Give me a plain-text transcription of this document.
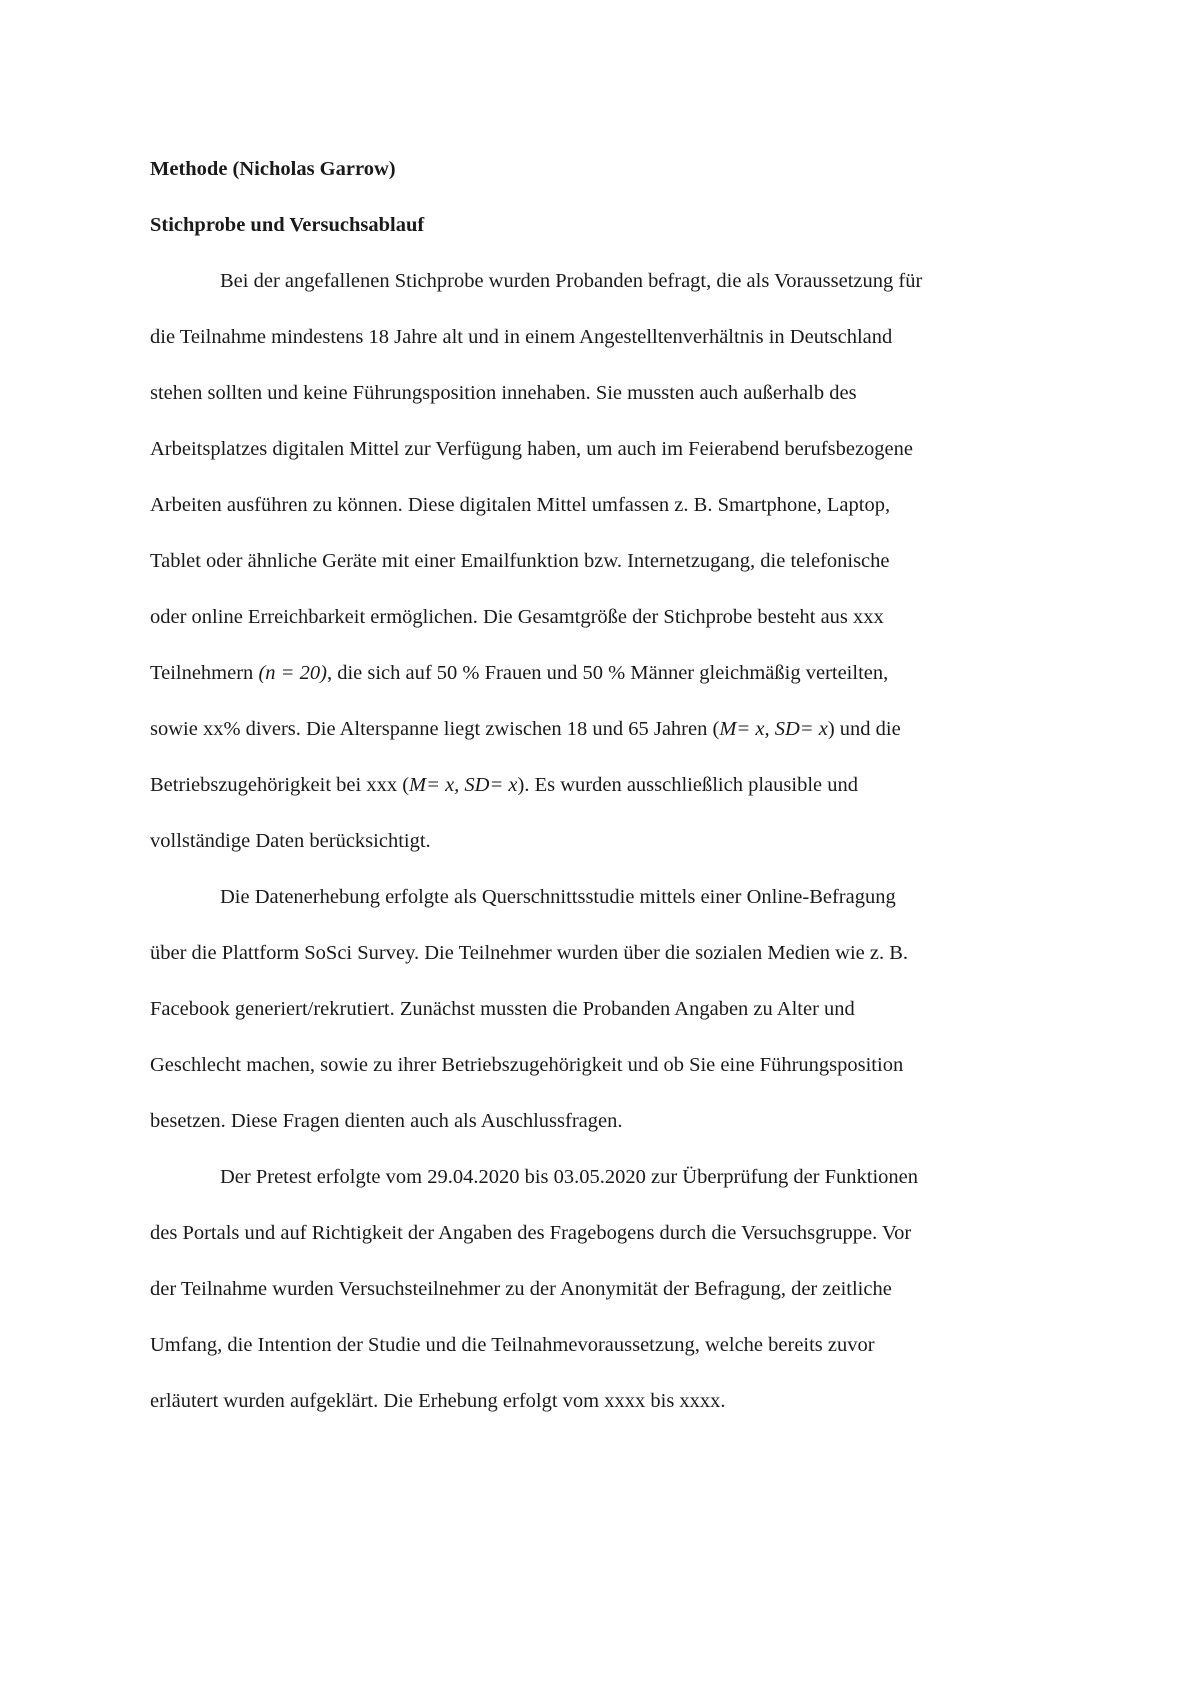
Methode (Nicholas Garrow)

Stichprobe und Versuchsablauf

Bei der angefallenen Stichprobe wurden Probanden befragt, die als Voraussetzung für
die Teilnahme mindestens 18 Jahre alt und in einem Angestelltenverhältnis in Deutschland
stehen sollten und keine Führungsposition innehaben. Sie mussten auch außerhalb des
Arbeitsplatzes digitalen Mittel zur Verfügung haben, um auch im Feierabend berufsbezogene
Arbeiten ausführen zu können. Diese digitalen Mittel umfassen z. B. Smartphone, Laptop,
Tablet oder ähnliche Geräte mit einer Emailfunktion bzw. Internetzugang, die telefonische
oder online Erreichbarkeit ermöglichen. Die Gesamtgröße der Stichprobe besteht aus xxx
Teilnehmern (n = 20), die sich auf 50 % Frauen und 50 % Männer gleichmäßig verteilten,
sowie xx% divers. Die Alterspanne liegt zwischen 18 und 65 Jahren (M= x, SD= x) und die
Betriebszugehörigkeit bei xxx (M= x, SD= x). Es wurden ausschließlich plausible und
vollständige Daten berücksichtigt.

Die Datenerhebung erfolgte als Querschnittsstudie mittels einer Online-Befragung
über die Plattform SoSci Survey. Die Teilnehmer wurden über die sozialen Medien wie z. B.
Facebook generiert/rekrutiert. Zunächst mussten die Probanden Angaben zu Alter und
Geschlecht machen, sowie zu ihrer Betriebszugehörigkeit und ob Sie eine Führungsposition
besetzen. Diese Fragen dienten auch als Auschlussfragen.

Der Pretest erfolgte vom 29.04.2020 bis 03.05.2020 zur Überprüfung der Funktionen
des Portals und auf Richtigkeit der Angaben des Fragebogens durch die Versuchsgruppe. Vor
der Teilnahme wurden Versuchsteilnehmer zu der Anonymität der Befragung, der zeitliche
Umfang, die Intention der Studie und die Teilnahmevoraussetzung, welche bereits zuvor
erläutert wurden aufgeklärt. Die Erhebung erfolgt vom xxxx bis xxxx.
